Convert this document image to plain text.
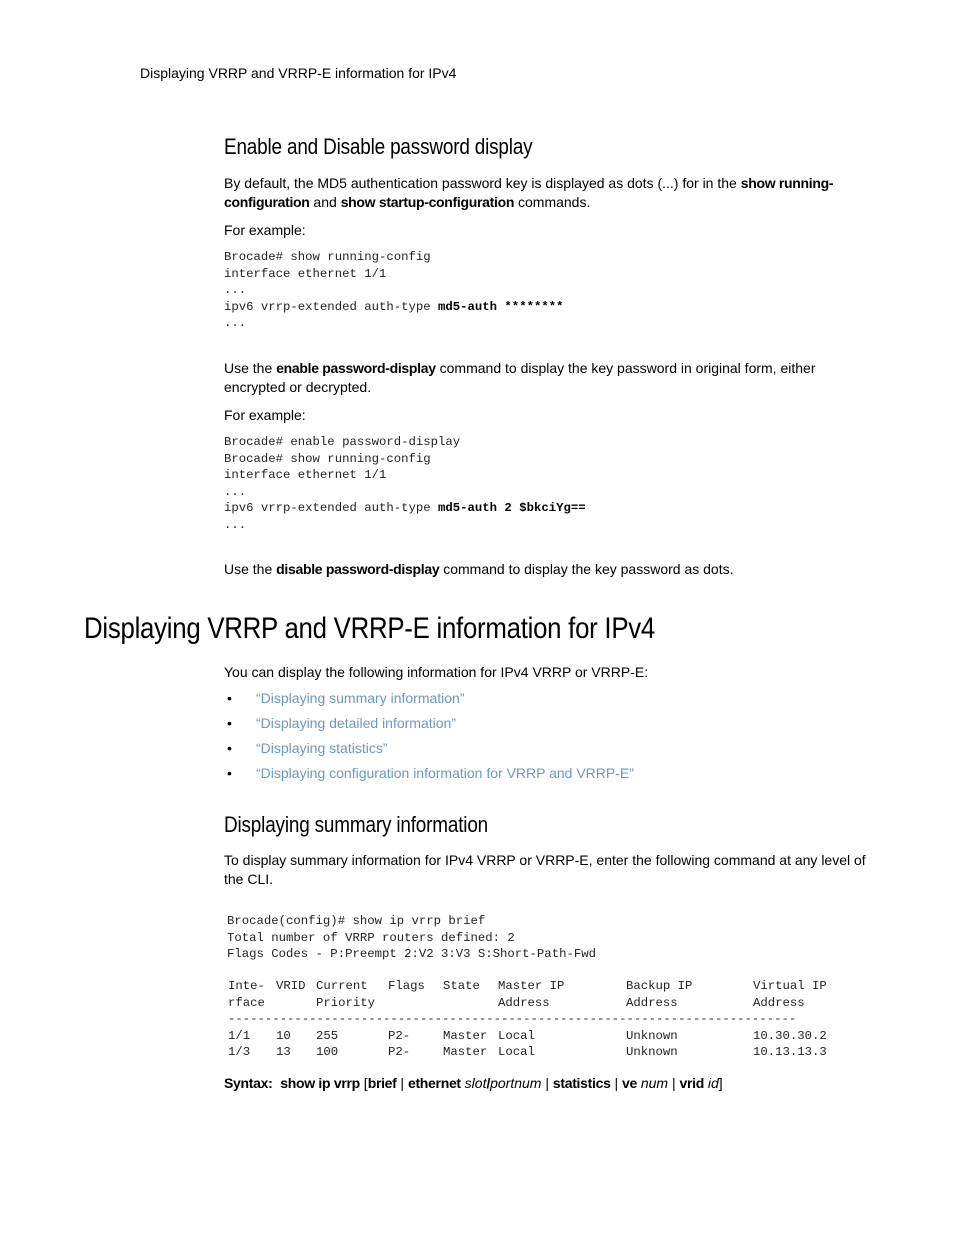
Displaying VRRP and VRRP-E information for IPv4
Enable and Disable password display
By default, the MD5 authentication password key is displayed as dots (...) for in the show running-configuration and show startup-configuration commands.
For example:
Brocade# show running-config
interface ethernet 1/1
...
ipv6 vrrp-extended auth-type md5-auth ********
...
Use the enable password-display command to display the key password in original form, either encrypted or decrypted.
For example:
Brocade# enable password-display
Brocade# show running-config
interface ethernet 1/1
...
ipv6 vrrp-extended auth-type md5-auth 2 $bkciYg==
...
Use the disable password-display command to display the key password as dots.
Displaying VRRP and VRRP-E information for IPv4
You can display the following information for IPv4 VRRP or VRRP-E:
•	“Displaying summary information”
•	“Displaying detailed information”
•	“Displaying statistics”
•	“Displaying configuration information for VRRP and VRRP-E”
Displaying summary information
To display summary information for IPv4 VRRP or VRRP-E, enter the following command at any level of the CLI.
Brocade(config)# show ip vrrp brief
Total number of VRRP routers defined: 2
Flags Codes - P:Preempt 2:V2 3:V3 S:Short-Path-Fwd
Inte-	VRID	Current	Flags	State	Master IP	Backup IP	Virtual IP
rface		Priority			Address	Address	Address
-----------------------------------------------------------------------------							
1/1	10	255	P2-	Master	Local	Unknown	10.30.30.2
1/3	13	100	P2-	Master	Local	Unknown	10.13.13.3
Syntax: show ip vrrp [brief | ethernet slot/portnum | statistics | ve num | vrid id]
